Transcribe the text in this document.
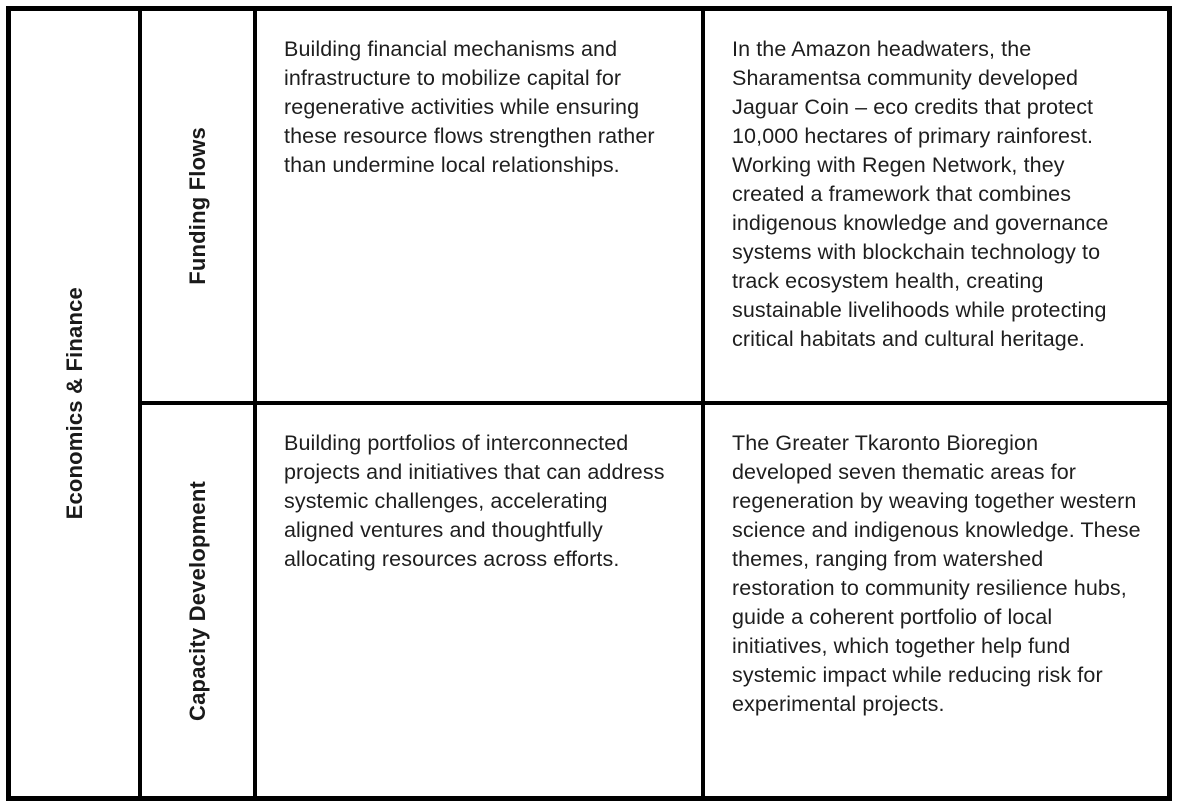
Economics & Finance
Funding Flows
Building financial mechanisms and infrastructure to mobilize capital for regenerative activities while ensuring these resource flows strengthen rather than undermine local relationships.
In the Amazon headwaters, the Sharamentsa community developed Jaguar Coin – eco credits that protect 10,000 hectares of primary rainforest. Working with Regen Network, they created a framework that combines indigenous knowledge and governance systems with blockchain technology to track ecosystem health, creating sustainable livelihoods while protecting critical habitats and cultural heritage.
Capacity Development
Building portfolios of interconnected projects and initiatives that can address systemic challenges, accelerating aligned ventures and thoughtfully allocating resources across efforts.
The Greater Tkaronto Bioregion developed seven thematic areas for regeneration by weaving together western science and indigenous knowledge. These themes, ranging from watershed restoration to community resilience hubs, guide a coherent portfolio of local initiatives, which together help fund systemic impact while reducing risk for experimental projects.
